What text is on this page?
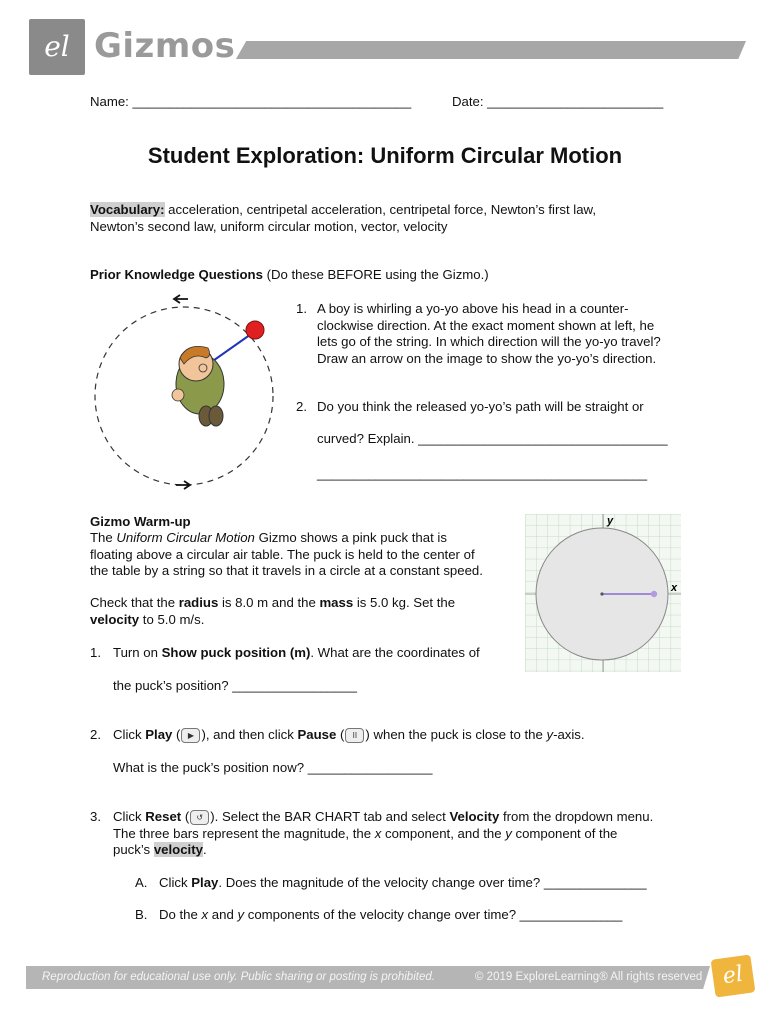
el Gizmos
Name: ______________________________________	Date: ________________________
Student Exploration: Uniform Circular Motion
Vocabulary: acceleration, centripetal acceleration, centripetal force, Newton’s first law,
Newton’s second law, uniform circular motion, vector, velocity
Prior Knowledge Questions (Do these BEFORE using the Gizmo.)
1. A boy is whirling a yo-yo above his head in a counter-
clockwise direction. At the exact moment shown at left, he
lets go of the string. In which direction will the yo-yo travel?
Draw an arrow on the image to show the yo-yo’s direction.
2. Do you think the released yo-yo’s path will be straight or
curved? Explain. __________________________________
_____________________________________________
Gizmo Warm-up
The Uniform Circular Motion Gizmo shows a pink puck that is
floating above a circular air table. The puck is held to the center of
the table by a string so that it travels in a circle at a constant speed.
Check that the radius is 8.0 m and the mass is 5.0 kg. Set the
velocity to 5.0 m/s.
y
x
1. Turn on Show puck position (m). What are the coordinates of
the puck’s position? _________________
2. Click Play ( ▶ ), and then click Pause ( II ) when the puck is close to the y-axis.
What is the puck’s position now? _________________
3. Click Reset ( ↺ ). Select the BAR CHART tab and select Velocity from the dropdown menu.
The three bars represent the magnitude, the x component, and the y component of the
puck’s velocity.
A. Click Play. Does the magnitude of the velocity change over time? ______________
B. Do the x and y components of the velocity change over time? ______________
Reproduction for educational use only. Public sharing or posting is prohibited.	© 2019 ExploreLearning® All rights reserved el
